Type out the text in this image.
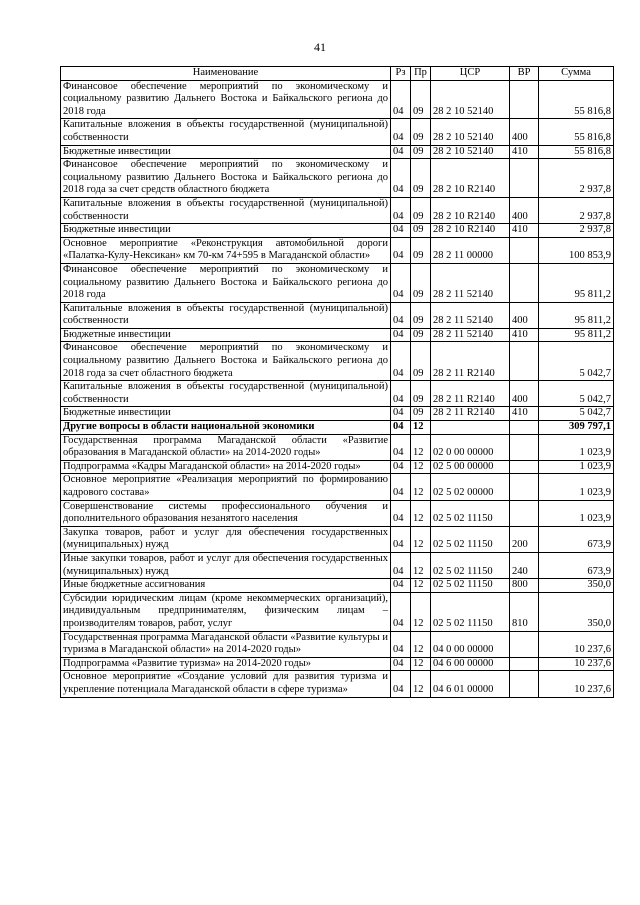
41
Наименование	Рз	Пр	ЦСР	ВР	Сумма
Финансовое обеспечение мероприятий по экономическому и социальному развитию Дальнего Востока и Байкальского региона до 2018 года	04	09	28 2 10 52140		55 816,8
Капитальные вложения в объекты государственной (муниципальной) собственности	04	09	28 2 10 52140	400	55 816,8
Бюджетные инвестиции	04	09	28 2 10 52140	410	55 816,8
Финансовое обеспечение мероприятий по экономическому и социальному развитию Дальнего Востока и Байкальского региона до 2018 года за счет средств областного бюджета	04	09	28 2 10 R2140		2 937,8
Капитальные вложения в объекты государственной (муниципальной) собственности	04	09	28 2 10 R2140	400	2 937,8
Бюджетные инвестиции	04	09	28 2 10 R2140	410	2 937,8
Основное мероприятие «Реконструкция автомобильной дороги «Палатка-Кулу-Нексикан» км 70-км 74+595 в Магаданской области»	04	09	28 2 11 00000		100 853,9
Финансовое обеспечение мероприятий по экономическому и социальному развитию Дальнего Востока и Байкальского региона до 2018 года	04	09	28 2 11 52140		95 811,2
Капитальные вложения в объекты государственной (муниципальной) собственности	04	09	28 2 11 52140	400	95 811,2
Бюджетные инвестиции	04	09	28 2 11 52140	410	95 811,2
Финансовое обеспечение мероприятий по экономическому и социальному развитию Дальнего Востока и Байкальского региона до 2018 года за счет областного бюджета	04	09	28 2 11 R2140		5 042,7
Капитальные вложения в объекты государственной (муниципальной) собственности	04	09	28 2 11 R2140	400	5 042,7
Бюджетные инвестиции	04	09	28 2 11 R2140	410	5 042,7
Другие вопросы в области национальной экономики	04	12			309 797,1
Государственная программа Магаданской области «Развитие образования в Магаданской области» на 2014-2020 годы»	04	12	02 0 00 00000		1 023,9
Подпрограмма «Кадры Магаданской области» на 2014-2020 годы»	04	12	02 5 00 00000		1 023,9
Основное мероприятие «Реализация мероприятий по формированию кадрового состава»	04	12	02 5 02 00000		1 023,9
Совершенствование системы профессионального обучения и дополнительного образования незанятого населения	04	12	02 5 02 11150		1 023,9
Закупка товаров, работ и услуг для обеспечения государственных (муниципальных) нужд	04	12	02 5 02 11150	200	673,9
Иные закупки товаров, работ и услуг для обеспечения государственных (муниципальных) нужд	04	12	02 5 02 11150	240	673,9
Иные бюджетные ассигнования	04	12	02 5 02 11150	800	350,0
Субсидии юридическим лицам (кроме некоммерческих организаций), индивидуальным предпринимателям, физическим лицам – производителям товаров, работ, услуг	04	12	02 5 02 11150	810	350,0
Государственная программа Магаданской области «Развитие культуры и туризма в Магаданской области» на 2014-2020 годы»	04	12	04 0 00 00000		10 237,6
Подпрограмма «Развитие туризма» на 2014-2020 годы»	04	12	04 6 00 00000		10 237,6
Основное мероприятие «Создание условий для развития туризма и укрепление потенциала Магаданской области в сфере туризма»	04	12	04 6 01 00000		10 237,6
